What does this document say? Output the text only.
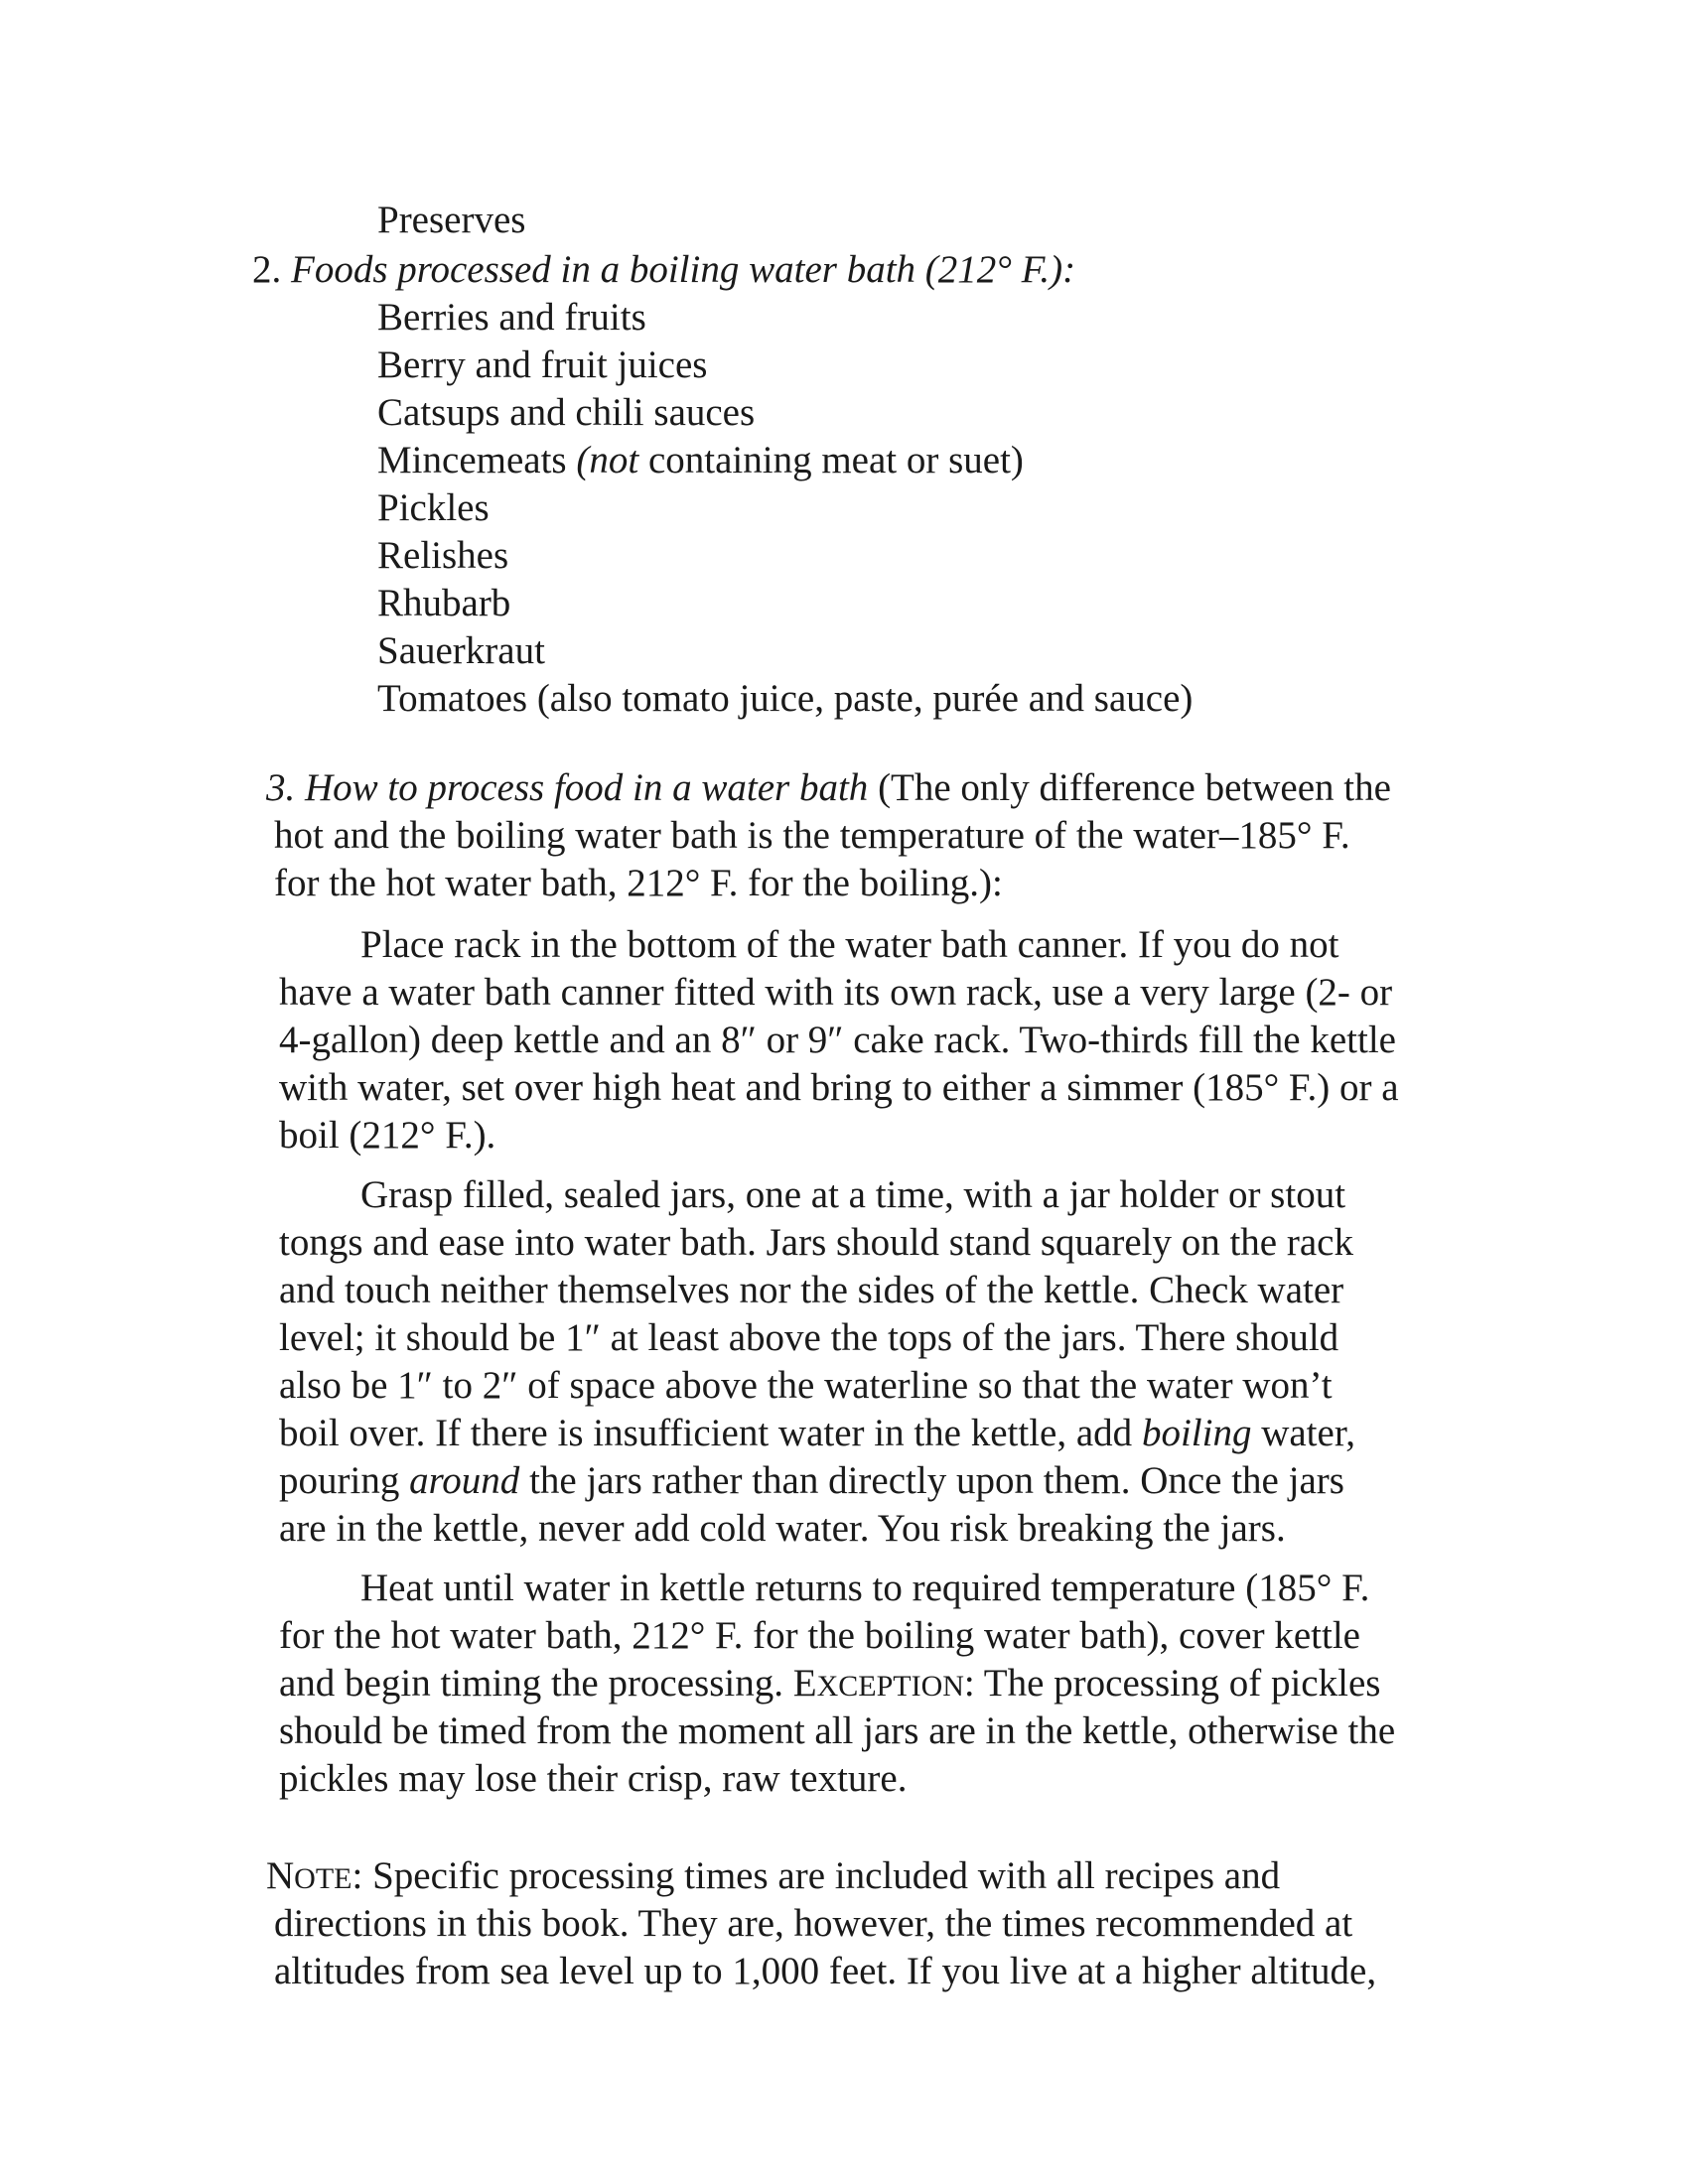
Preserves
2. Foods processed in a boiling water bath (212° F.):
Berries and fruits
Berry and fruit juices
Catsups and chili sauces
Mincemeats (not containing meat or suet)
Pickles
Relishes
Rhubarb
Sauerkraut
Tomatoes (also tomato juice, paste, purée and sauce)
3. How to process food in a water bath (The only difference between the
hot and the boiling water bath is the temperature of the water–185° F.
for the hot water bath, 212° F. for the boiling.):
Place rack in the bottom of the water bath canner. If you do not
have a water bath canner fitted with its own rack, use a very large (2- or
4-gallon) deep kettle and an 8″ or 9″ cake rack. Two-thirds fill the kettle
with water, set over high heat and bring to either a simmer (185° F.) or a
boil (212° F.).
Grasp filled, sealed jars, one at a time, with a jar holder or stout
tongs and ease into water bath. Jars should stand squarely on the rack
and touch neither themselves nor the sides of the kettle. Check water
level; it should be 1″ at least above the tops of the jars. There should
also be 1″ to 2″ of space above the waterline so that the water won’t
boil over. If there is insufficient water in the kettle, add boiling water,
pouring around the jars rather than directly upon them. Once the jars
are in the kettle, never add cold water. You risk breaking the jars.
Heat until water in kettle returns to required temperature (185° F.
for the hot water bath, 212° F. for the boiling water bath), cover kettle
and begin timing the processing. EXCEPTION: The processing of pickles
should be timed from the moment all jars are in the kettle, otherwise the
pickles may lose their crisp, raw texture.
NOTE: Specific processing times are included with all recipes and
directions in this book. They are, however, the times recommended at
altitudes from sea level up to 1,000 feet. If you live at a higher altitude,
